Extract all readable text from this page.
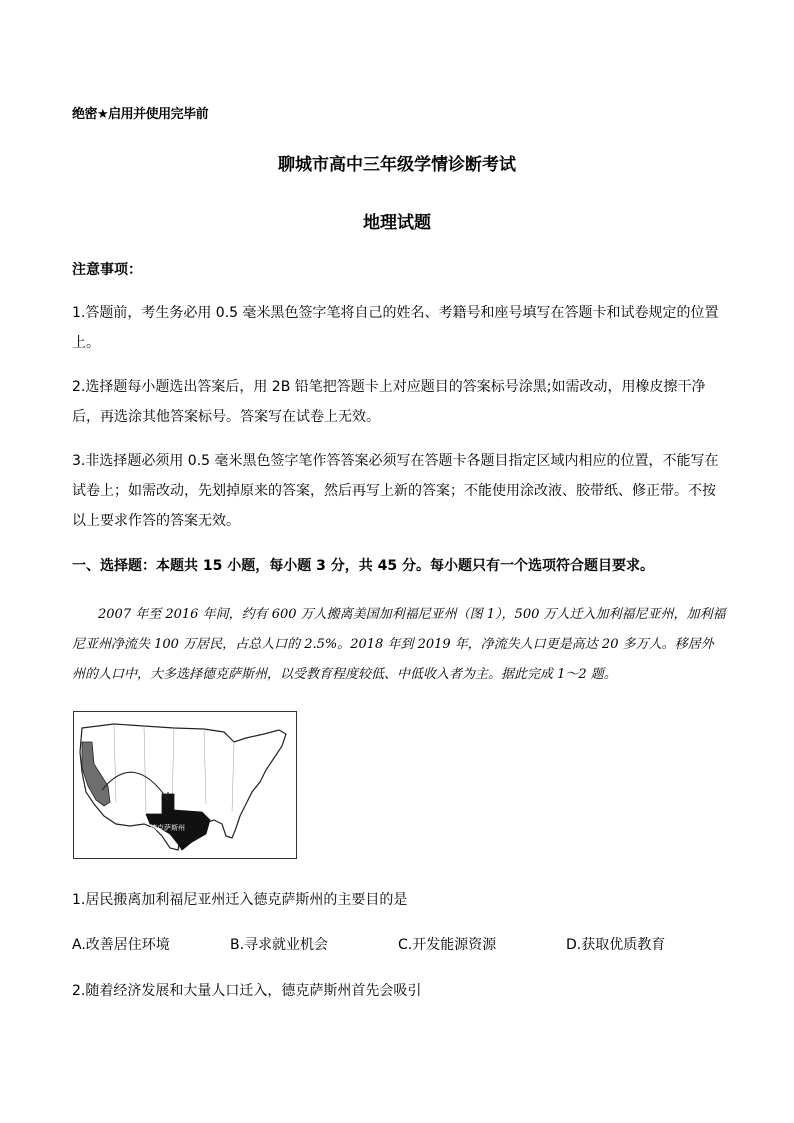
绝密★启用并使用完毕前
聊城市高中三年级学情诊断考试
地理试题
注意事项：
1.答题前，考生务必用 0.5 毫米黑色签字笔将自己的姓名、考籍号和座号填写在答题卡和试卷规定的位置上。
2.选择题每小题选出答案后，用 2B 铅笔把答题卡上对应题目的答案标号涂黑;如需改动，用橡皮擦干净后，再选涂其他答案标号。答案写在试卷上无效。
3.非选择题必须用 0.5 毫米黑色签字笔作答答案必须写在答题卡各题目指定区域内相应的位置，不能写在试卷上；如需改动，先划掉原来的答案，然后再写上新的答案；不能使用涂改液、胶带纸、修正带。不按以上要求作答的答案无效。
一、选择题：本题共 15 小题，每小题 3 分，共 45 分。每小题只有一个选项符合题目要求。
2007 年至 2016 年间，约有 600 万人搬离美国加利福尼亚州（图 1），500 万人迁入加利福尼亚州，加利福尼亚州净流失 100 万居民，占总人口的 2.5%。2018 年到 2019 年，净流失人口更是高达 20 多万人。移居外州的人口中，大多选择德克萨斯州，以受教育程度较低、中低收入者为主。据此完成 1～2 题。
德克萨斯州
1.居民搬离加利福尼亚州迁入德克萨斯州的主要目的是
A.改善居住环境	B.寻求就业机会	C.开发能源资源	D.获取优质教育
2.随着经济发展和大量人口迁入，德克萨斯州首先会吸引
